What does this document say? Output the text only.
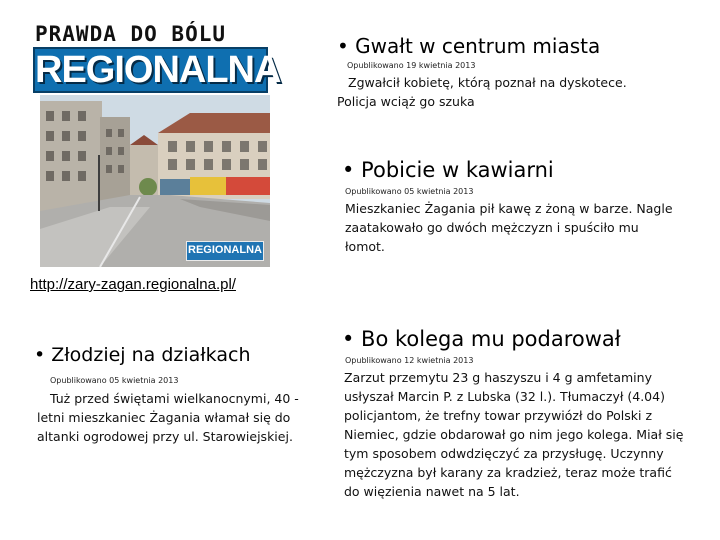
PRAWDA DO BÓLU
REGIONALNA
REGIONALNA
http://zary-zagan.regionalna.pl/
• Gwałt w centrum miasta
Opublikowano 19 kwietnia 2013
Zgwałcił kobietę, którą poznał na dyskotece. Policja wciąż go szuka
• Pobicie w kawiarni
Opublikowano 05 kwietnia 2013
Mieszkaniec Żagania pił kawę z żoną w barze. Nagle zaatakowało go dwóch mężczyzn i spuściło mu łomot.
• Złodziej na działkach
Opublikowano 05 kwietnia 2013
Tuż przed świętami wielkanocnymi, 40 -letni mieszkaniec Żagania włamał się do altanki ogrodowej przy ul. Starowiejskiej.
• Bo kolega mu podarował
Opublikowano 12 kwietnia 2013
Zarzut przemytu 23 g haszyszu i 4 g amfetaminy usłyszał Marcin P. z Lubska (32 l.). Tłumaczył (4.04) policjantom, że trefny towar przywiózł do Polski z Niemiec, gdzie obdarował go nim jego kolega. Miał się tym sposobem odwdzięczyć za przysługę. Uczynny mężczyzna był karany za kradzież, teraz może trafić do więzienia nawet na 5 lat.
